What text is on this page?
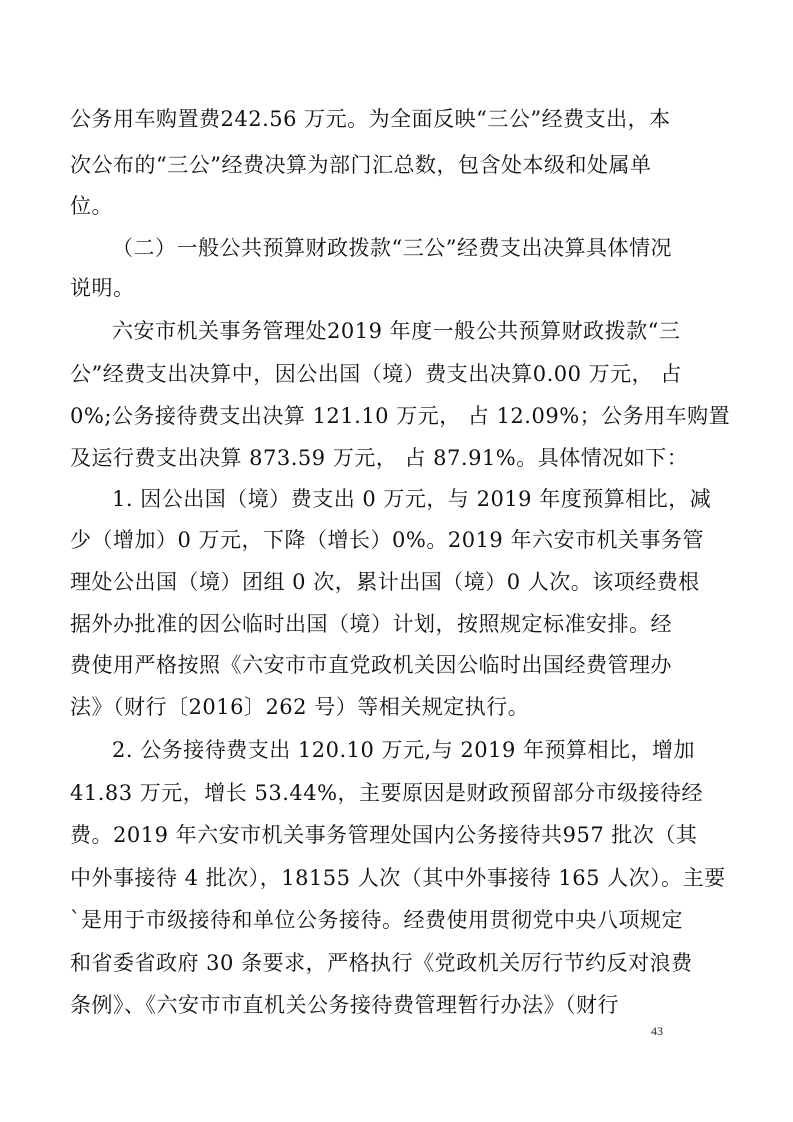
公务用车购置费242.56 万元。为全面反映“三公”经费支出，本
次公布的“三公”经费决算为部门汇总数，包含处本级和处属单
位。
（二）一般公共预算财政拨款“三公”经费支出决算具体情况
说明。
六安市机关事务管理处2019 年度一般公共预算财政拨款“三
公”经费支出决算中，因公出国（境）费支出决算0.00 万元， 占
0%;公务接待费支出决算 121.10 万元， 占 12.09%；公务用车购置
及运行费支出决算 873.59 万元， 占 87.91%。具体情况如下：
1. 因公出国（境）费支出 0 万元，与 2019 年度预算相比，减
少（增加）0 万元，下降（增长）0%。2019 年六安市机关事务管
理处公出国（境）团组 0 次，累计出国（境）0 人次。该项经费根
据外办批准的因公临时出国（境）计划，按照规定标准安排。经
费使用严格按照《六安市市直党政机关因公临时出国经费管理办
法》（财行〔2016〕262 号）等相关规定执行。
2. 公务接待费支出 120.10 万元,与 2019 年预算相比，增加
41.83 万元，增长 53.44%，主要原因是财政预留部分市级接待经
费。2019 年六安市机关事务管理处国内公务接待共957 批次（其
中外事接待 4 批次），18155 人次（其中外事接待 165 人次）。主要
`是用于市级接待和单位公务接待。经费使用贯彻党中央八项规定
和省委省政府 30 条要求，严格执行《党政机关厉行节约反对浪费
条例》、《六安市市直机关公务接待费管理暂行办法》（财行
43
